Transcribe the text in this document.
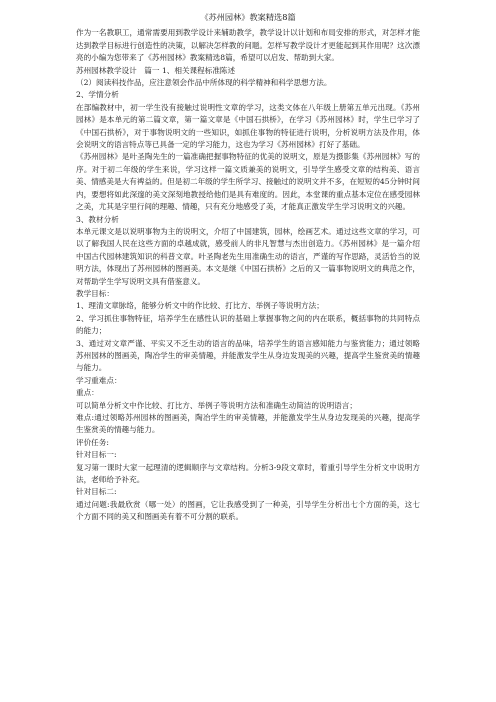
《苏州园林》教案精选8篇

作为一名教职工，通常需要用到教学设计来辅助教学，教学设计以计划和布局安排的形式，对怎样才能达到教学目标进行创造性的决策，以解决怎样教的问题。怎样写教学设计才更能起到其作用呢？这次漂亮的小编为您带来了《苏州园林》教案精选8篇，希望可以启发、帮助到大家。

苏州园林教学设计　篇一 1、相关课程标准陈述

（2）阅读科技作品，应注意领会作品中所体现的科学精神和科学思想方法。

2、学情分析

在部编教材中，初一学生没有接触过说明性文章的学习，这类文体在八年级上册第五单元出现。《苏州园林》是本单元的第二篇文章，第一篇文章是《中国石拱桥》，在学习《苏州园林》时，学生已学习了《中国石拱桥》，对于事物说明文的一些知识，如抓住事物的特征进行说明，分析说明方法及作用，体会说明文的语言特点等已具备一定的学习能力，这也为学习《苏州园林》打好了基础。

《苏州园林》是叶圣陶先生的一篇准确把握事物特征的优美的说明文，原是为摄影集《苏州园林》写的序。对于初二年级的学生来说，学习这样一篇文质兼美的说明文，引导学生感受文章的结构美、语言美、情感美是大有裨益的。但是初二年级的学生所学习、接触过的说明文并不多，在短短的45分钟时间内，要想将如此深邃的美文深刻地教授给他们是具有难度的。因此，本堂课的重点基本定位在感受园林之美，尤其是字里行间的理趣、情趣，只有充分地感受了美，才能真正激发学生学习说明文的兴趣。

3、教材分析

本单元课文是以说明事物为主的说明文，介绍了中国建筑，园林，绘画艺术。通过这些文章的学习，可以了解我国人民在这些方面的卓越成就，感受前人的非凡智慧与杰出创造力。《苏州园林》是一篇介绍中国古代园林建筑知识的科普文章。叶圣陶老先生用准确生动的语言，严谨的写作思路，灵活恰当的说明方法，体现出了苏州园林的图画美。本文是继《中国石拱桥》之后的又一篇事物说明文的典范之作，对帮助学生学写说明文具有借鉴意义。

教学目标：

1、理清文章脉络，能够分析文中的作比较、打比方、举例子等说明方法；

2、学习抓住事物特征，培养学生在感性认识的基础上掌握事物之间的内在联系，概括事物的共同特点的能力；

3、通过对文章严谨、平实又不乏生动的语言的品味，培养学生的语言感知能力与鉴赏能力；通过领略苏州园林的图画美，陶冶学生的审美情趣，并能激发学生从身边发现美的兴趣，提高学生鉴赏美的情趣与能力。

学习重难点：

重点：

可以简单分析文中作比较、打比方、举例子等说明方法和准确生动简洁的说明语言；

难点:通过领略苏州园林的图画美，陶冶学生的审美情趣，并能激发学生从身边发现美的兴趣，提高学生鉴赏美的情趣与能力。

评价任务:

针对目标一:

复习第一课时大家一起理清的逻辑顺序与文章结构。分析3-9段文章时，着重引导学生分析文中说明方法，老师给予补充。

针对目标二:

通过问题:我最欣赏（哪一处）的图画，它让我感受到了一种美，引导学生分析出七个方面的美，这七个方面不同的美又和图画美有着不可分割的联系。
